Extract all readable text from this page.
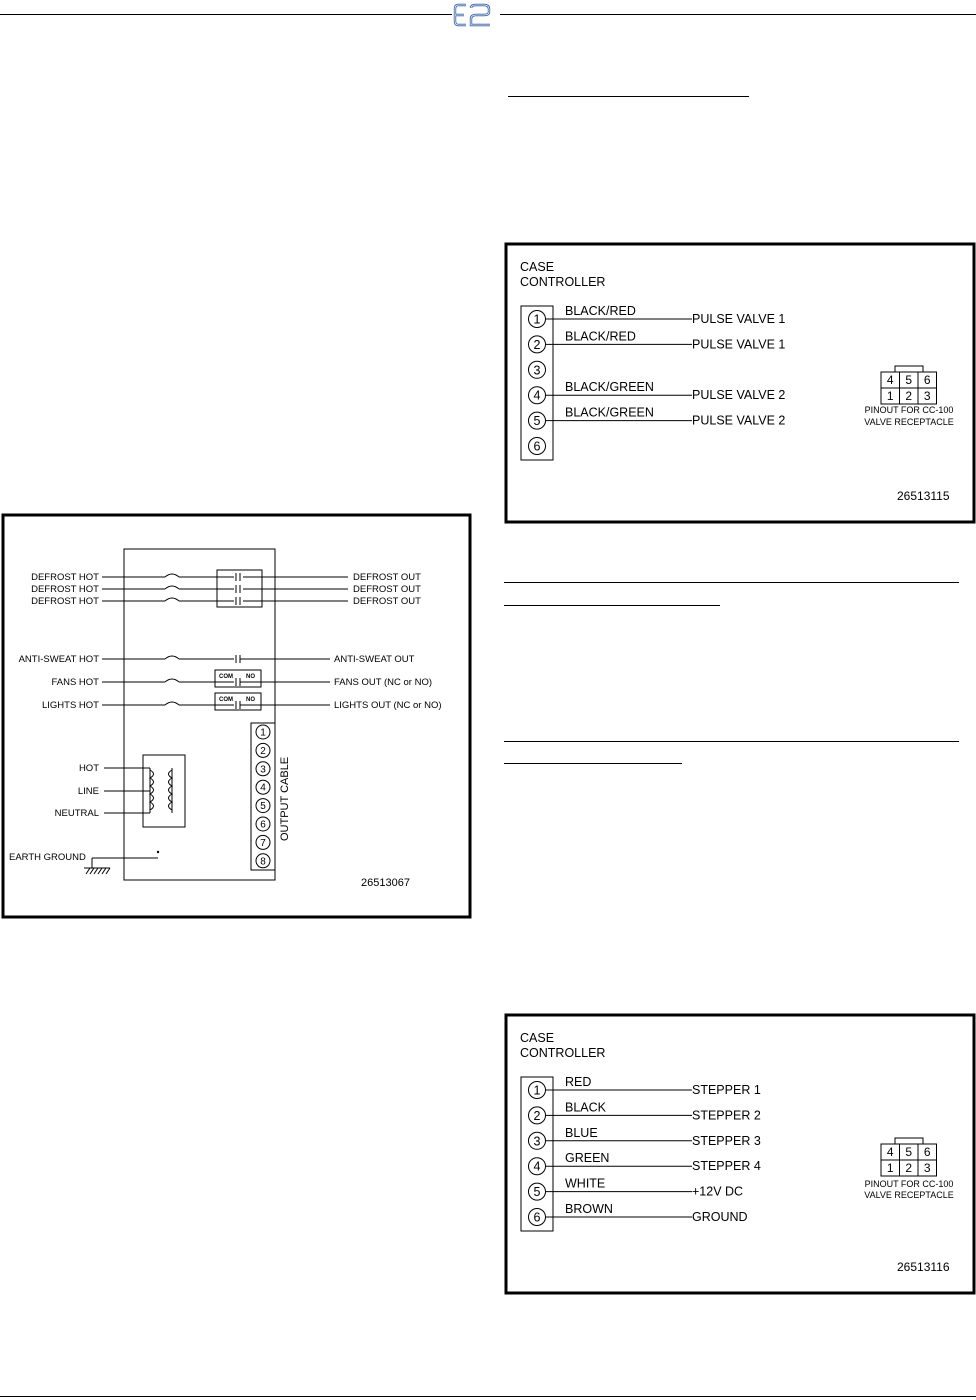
DEFROST HOT
DEFROST HOT
DEFROST HOT
DEFROST OUT
DEFROST OUT
DEFROST OUT
ANTI-SWEAT HOT	ANTI-SWEAT OUT
FANS HOT	FANS OUT (NC or NO)
LIGHTS HOT	LIGHTS OUT (NC or NO)
COM NO
COM NO
HOT
LINE
NEUTRAL
EARTH GROUND
OUTPUT CABLE
1
2
3
4
5
6
7
8
26513067
CASE
CONTROLLER
1
BLACK/RED
PULSE VALVE 1
2
BLACK/RED
PULSE VALVE 1
3
4
BLACK/GREEN
PULSE VALVE 2
5
BLACK/GREEN
PULSE VALVE 2
6
4 5 6
1 2 3
PINOUT FOR CC-100
VALVE RECEPTACLE
26513115
CASE
CONTROLLER
1
RED
STEPPER 1
2
BLACK
STEPPER 2
3
BLUE
STEPPER 3
4
GREEN
STEPPER 4
5
WHITE
+12V DC
6
BROWN
GROUND
4 5 6
1 2 3
PINOUT FOR CC-100
VALVE RECEPTACLE
26513116
